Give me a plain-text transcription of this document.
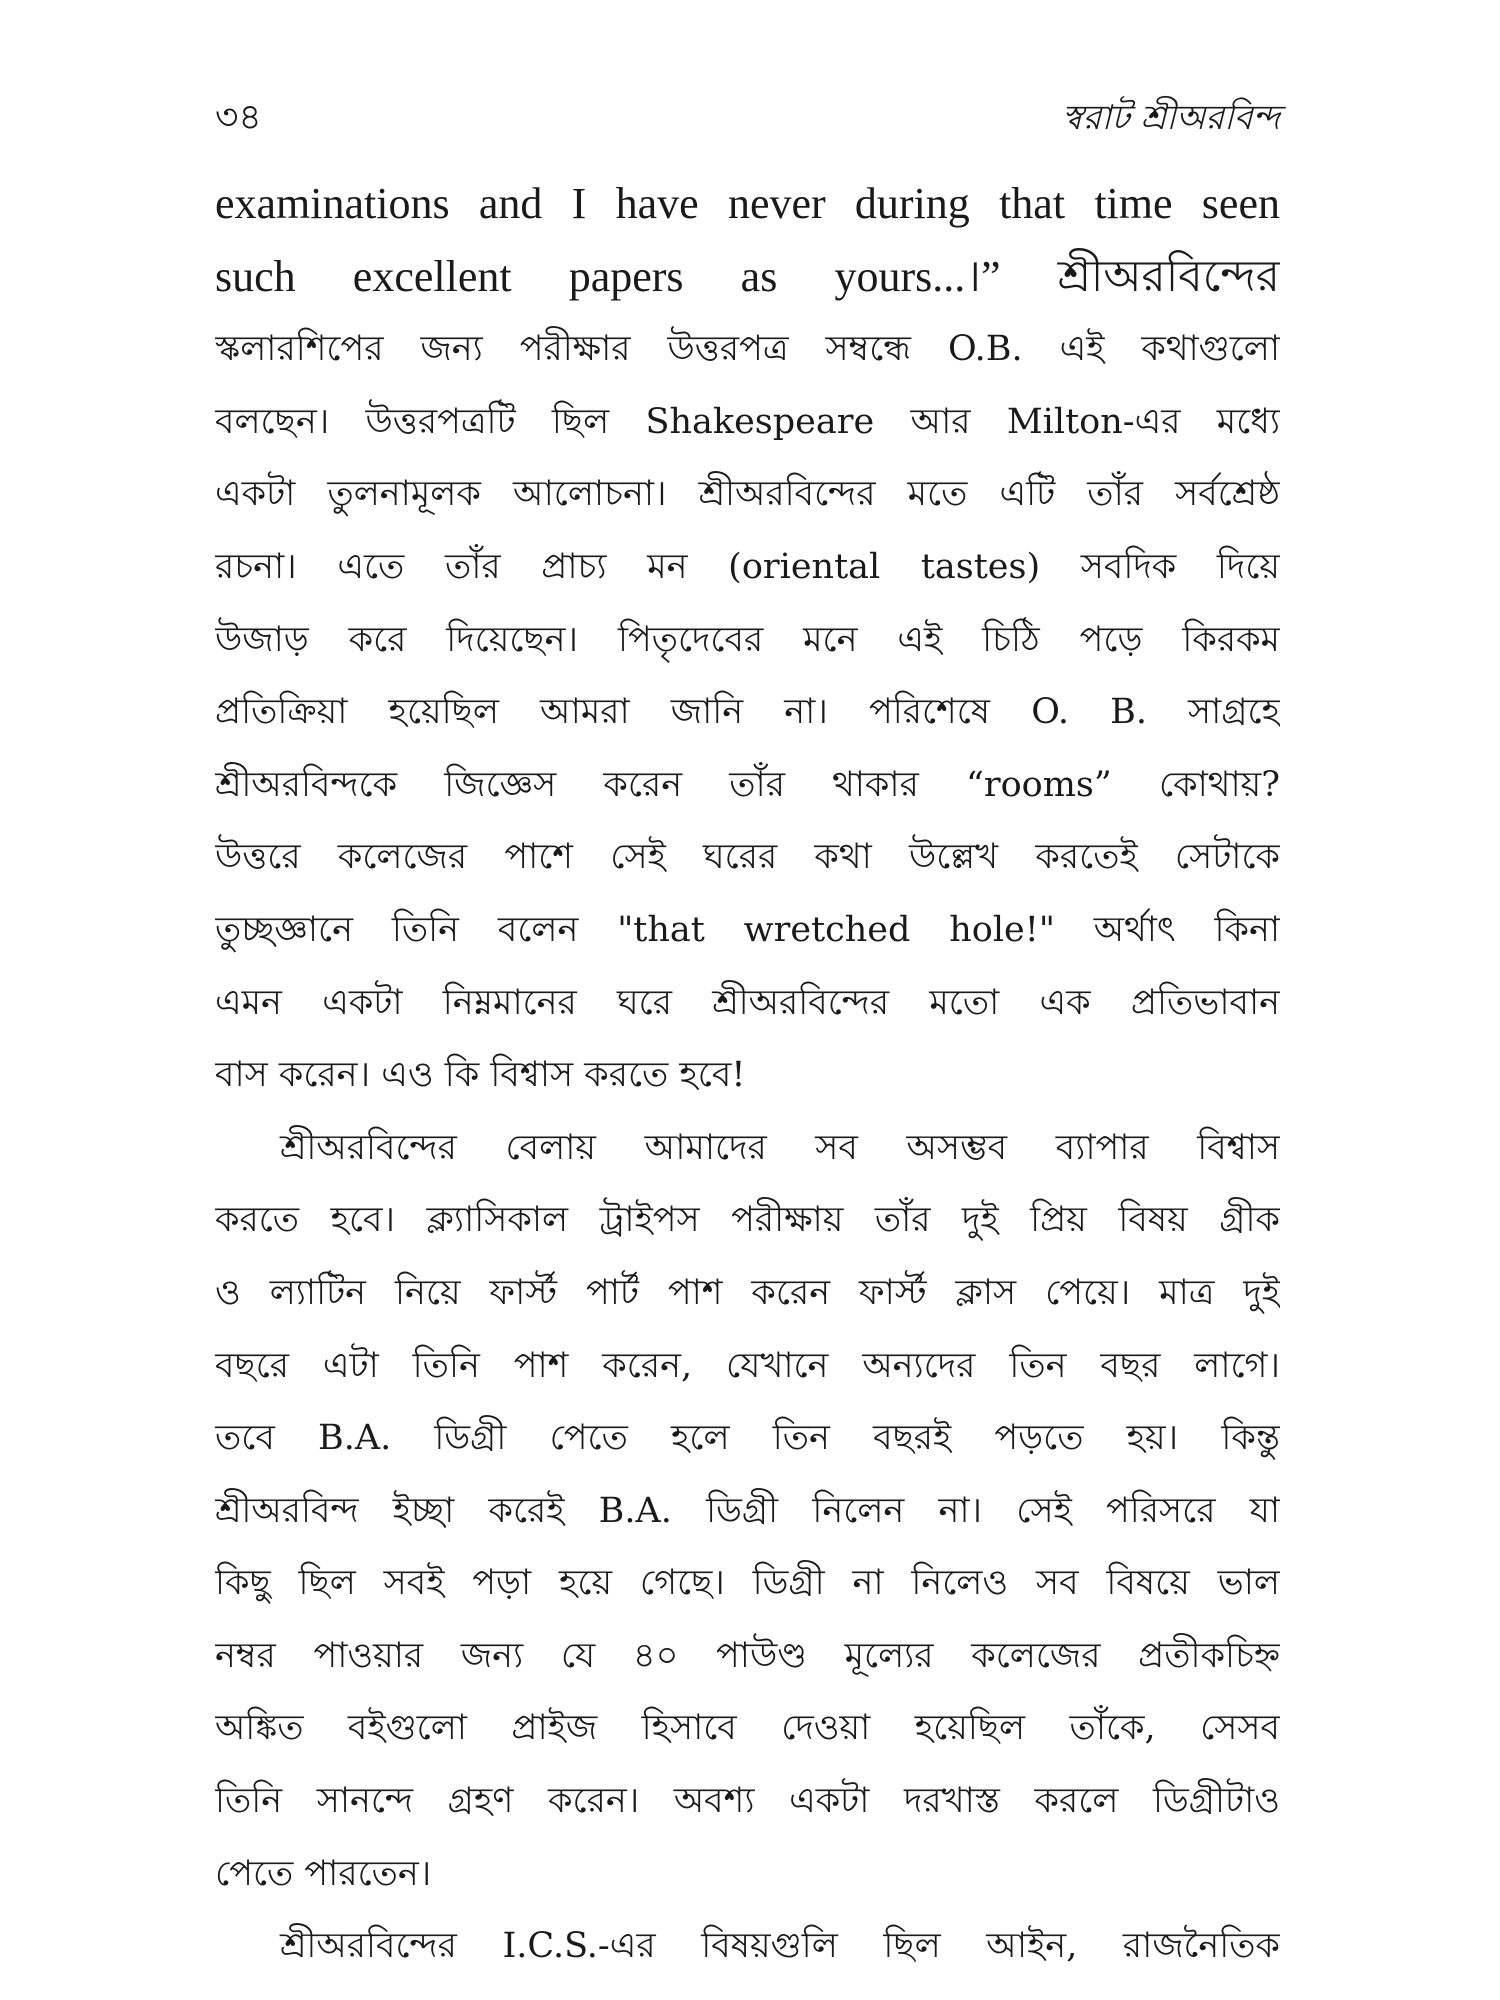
৩৪	স্বরাট শ্রীঅরবিন্দ
examinations and I have never during that time seen
such excellent papers as yours...।” শ্রীঅরবিন্দের
স্কলারশিপের জন্য পরীক্ষার উত্তরপত্র সম্বন্ধে O.B. এই কথাগুলো
বলছেন। উত্তরপত্রটি ছিল Shakespeare আর Milton-এর মধ্যে
একটা তুলনামূলক আলোচনা। শ্রীঅরবিন্দের মতে এটি তাঁর সর্বশ্রেষ্ঠ
রচনা। এতে তাঁর প্রাচ্য মন (oriental tastes) সবদিক দিয়ে
উজাড় করে দিয়েছেন। পিতৃদেবের মনে এই চিঠি পড়ে কিরকম
প্রতিক্রিয়া হয়েছিল আমরা জানি না। পরিশেষে O. B. সাগ্রহে
শ্রীঅরবিন্দকে জিজ্ঞেস করেন তাঁর থাকার “rooms” কোথায়?
উত্তরে কলেজের পাশে সেই ঘরের কথা উল্লেখ করতেই সেটাকে
তুচ্ছজ্ঞানে তিনি বলেন "that wretched hole!" অর্থাৎ কিনা
এমন একটা নিম্নমানের ঘরে শ্রীঅরবিন্দের মতো এক প্রতিভাবান
বাস করেন। এও কি বিশ্বাস করতে হবে!
শ্রীঅরবিন্দের বেলায় আমাদের সব অসম্ভব ব্যাপার বিশ্বাস
করতে হবে। ক্ল্যাসিকাল ট্রাইপস পরীক্ষায় তাঁর দুই প্রিয় বিষয় গ্রীক
ও ল্যাটিন নিয়ে ফার্স্ট পার্ট পাশ করেন ফার্স্ট ক্লাস পেয়ে। মাত্র দুই
বছরে এটা তিনি পাশ করেন, যেখানে অন্যদের তিন বছর লাগে।
তবে B.A. ডিগ্রী পেতে হলে তিন বছরই পড়তে হয়। কিন্তু
শ্রীঅরবিন্দ ইচ্ছা করেই B.A. ডিগ্রী নিলেন না। সেই পরিসরে যা
কিছু ছিল সবই পড়া হয়ে গেছে। ডিগ্রী না নিলেও সব বিষয়ে ভাল
নম্বর পাওয়ার জন্য যে ৪০ পাউণ্ড মূল্যের কলেজের প্রতীকচিহ্ন
অঙ্কিত বইগুলো প্রাইজ হিসাবে দেওয়া হয়েছিল তাঁকে, সেসব
তিনি সানন্দে গ্রহণ করেন। অবশ্য একটা দরখাস্ত করলে ডিগ্রীটাও
পেতে পারতেন।
শ্রীঅরবিন্দের I.C.S.-এর বিষয়গুলি ছিল আইন, রাজনৈতিক
